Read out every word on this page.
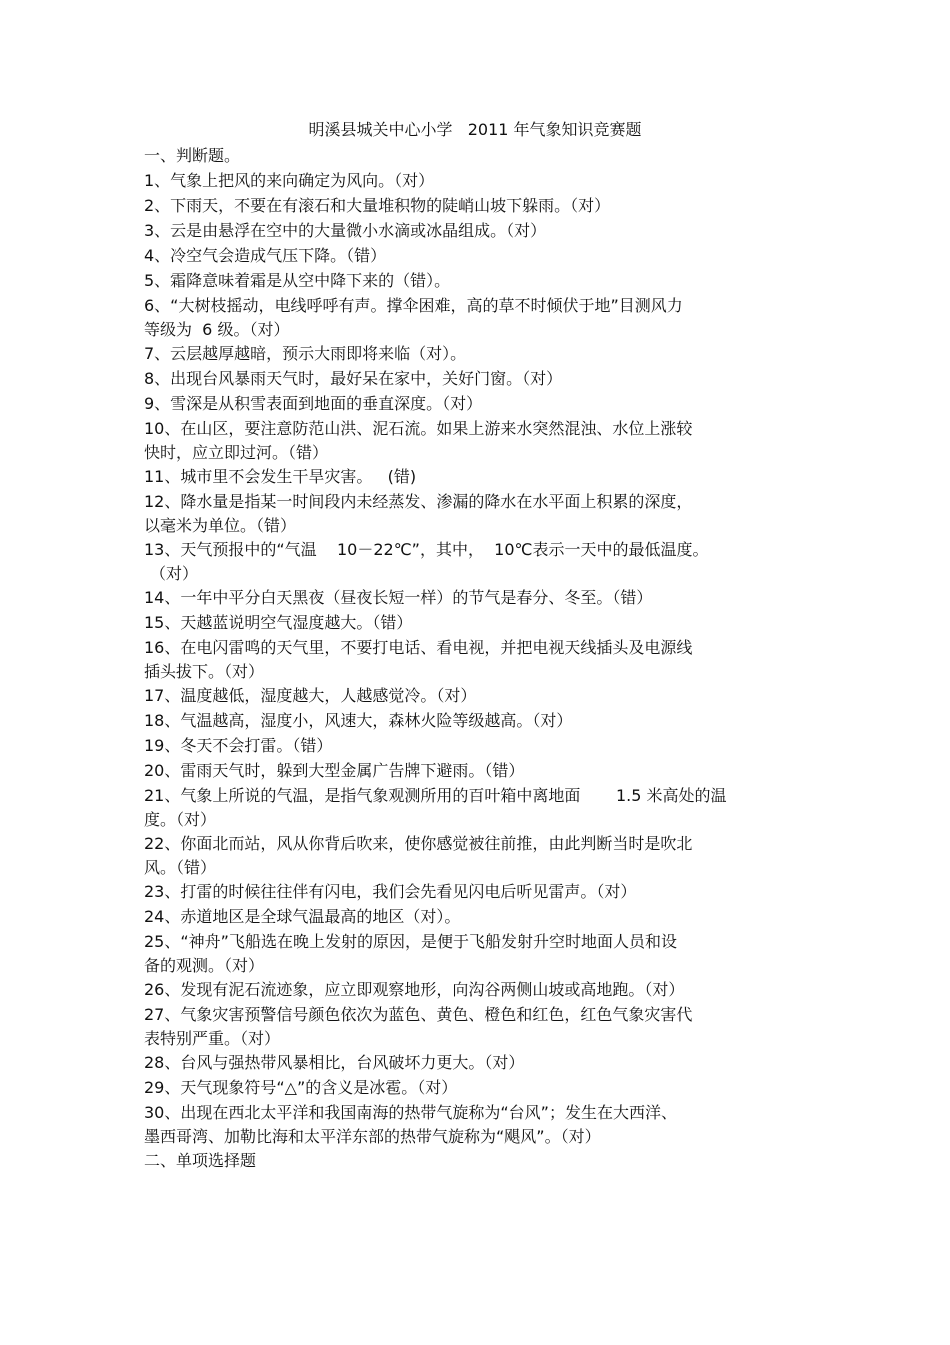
明溪县城关中心小学   2011 年气象知识竞赛题
一、判断题。
1、气象上把风的来向确定为风向。（对）
2、下雨天，不要在有滚石和大量堆积物的陡峭山坡下躲雨。（对）
3、云是由悬浮在空中的大量微小水滴或冰晶组成。（对）
4、冷空气会造成气压下降。（错）
5、霜降意味着霜是从空中降下来的（错）。
6、“大树枝摇动，电线呼呼有声。撑伞困难，高的草不时倾伏于地”目测风力
等级为  6 级。（对）
7、云层越厚越暗，预示大雨即将来临（对）。
8、出现台风暴雨天气时，最好呆在家中，关好门窗。（对）
9、雪深是从积雪表面到地面的垂直深度。（对）
10、在山区，要注意防范山洪、泥石流。如果上游来水突然混浊、水位上涨较
快时，应立即过河。（错）
11、城市里不会发生干旱灾害。   (错)
12、降水量是指某一时间段内未经蒸发、渗漏的降水在水平面上积累的深度，
以毫米为单位。（错）
13、天气预报中的“气温    10－22℃”，其中，  10℃表示一天中的最低温度。
（对）
14、一年中平分白天黑夜（昼夜长短一样）的节气是春分、冬至。（错）
15、天越蓝说明空气湿度越大。（错）
16、在电闪雷鸣的天气里，不要打电话、看电视，并把电视天线插头及电源线
插头拔下。（对）
17、温度越低，湿度越大，人越感觉冷。（对）
18、气温越高，湿度小，风速大，森林火险等级越高。（对）
19、冬天不会打雷。（错）
20、雷雨天气时，躲到大型金属广告牌下避雨。（错）
21、气象上所说的气温，是指气象观测所用的百叶箱中离地面       1.5 米高处的温
度。（对）
22、你面北而站，风从你背后吹来，使你感觉被往前推，由此判断当时是吹北
风。（错）
23、打雷的时候往往伴有闪电，我们会先看见闪电后听见雷声。（对）
24、赤道地区是全球气温最高的地区（对）。
25、“神舟”飞船选在晚上发射的原因，是便于飞船发射升空时地面人员和设
备的观测。（对）
26、发现有泥石流迹象，应立即观察地形，向沟谷两侧山坡或高地跑。（对）
27、气象灾害预警信号颜色依次为蓝色、黄色、橙色和红色，红色气象灾害代
表特别严重。（对）
28、台风与强热带风暴相比，台风破坏力更大。（对）
29、天气现象符号“△”的含义是冰雹。（对）
30、出现在西北太平洋和我国南海的热带气旋称为“台风”；发生在大西洋、
墨西哥湾、加勒比海和太平洋东部的热带气旋称为“飓风”。（对）
二、单项选择题
